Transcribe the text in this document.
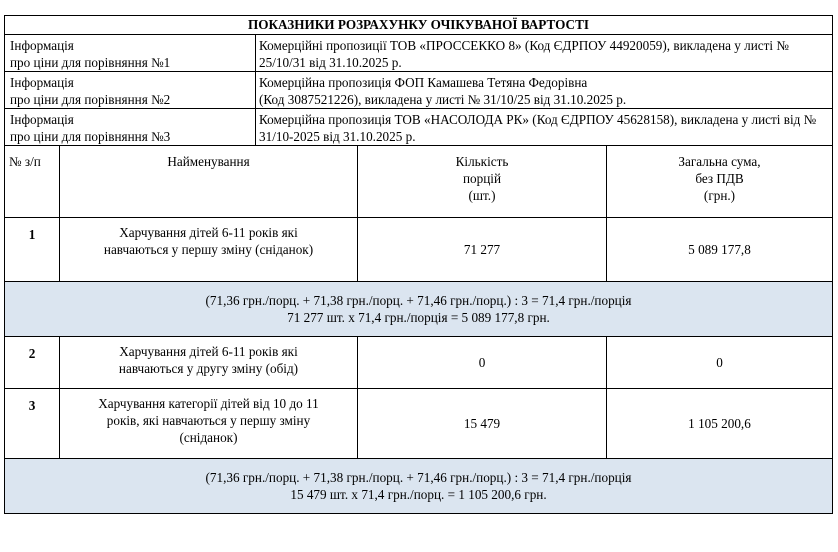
ПОКАЗНИКИ РОЗРАХУНКУ ОЧІКУВАНОЇ ВАРТОСТІ	

Інформація
про ціни для порівняння №1	Комерційні пропозиції ТОВ «ПРОССЕККО 8» (Код ЄДРПОУ 44920059), викладена у листі № 25/10/31 від 31.10.2025 р.

Інформація
про ціни для порівняння №2	Комерційна пропозиція ФОП Камашева Тетяна Федорівна
(Код 3087521226), викладена у листі № 31/10/25 від 31.10.2025 р.

Інформація
про ціни для порівняння №3	Комерційна пропозиція ТОВ «НАСОЛОДА РК» (Код ЄДРПОУ 45628158), викладена у листі від № 31/10-2025 від 31.10.2025 р.
№ з/п	Найменування	Кількість
порцій
(шт.)	Загальна сума,
без ПДВ
(грн.)

1	Харчування дітей 6-11 років які
навчаються у першу зміну (сніданок)	71 277	5 089 177,8

(71,36 грн./порц. + 71,38 грн./порц. + 71,46 грн./порц.) : 3 = 71,4 грн./порція
71 277 шт. х 71,4 грн./порція = 5 089 177,8 грн.			

2	Харчування дітей 6-11 років які
навчаються у другу зміну (обід)	0	0
3	Харчування категорії дітей від 10 до 11
років, які навчаються у першу зміну
(сніданок)	15 479	1 105 200,6

(71,36 грн./порц. + 71,38 грн./порц. + 71,46 грн./порц.) : 3 = 71,4 грн./порція
15 479 шт. х 71,4 грн./порц. = 1 105 200,6 грн.			
